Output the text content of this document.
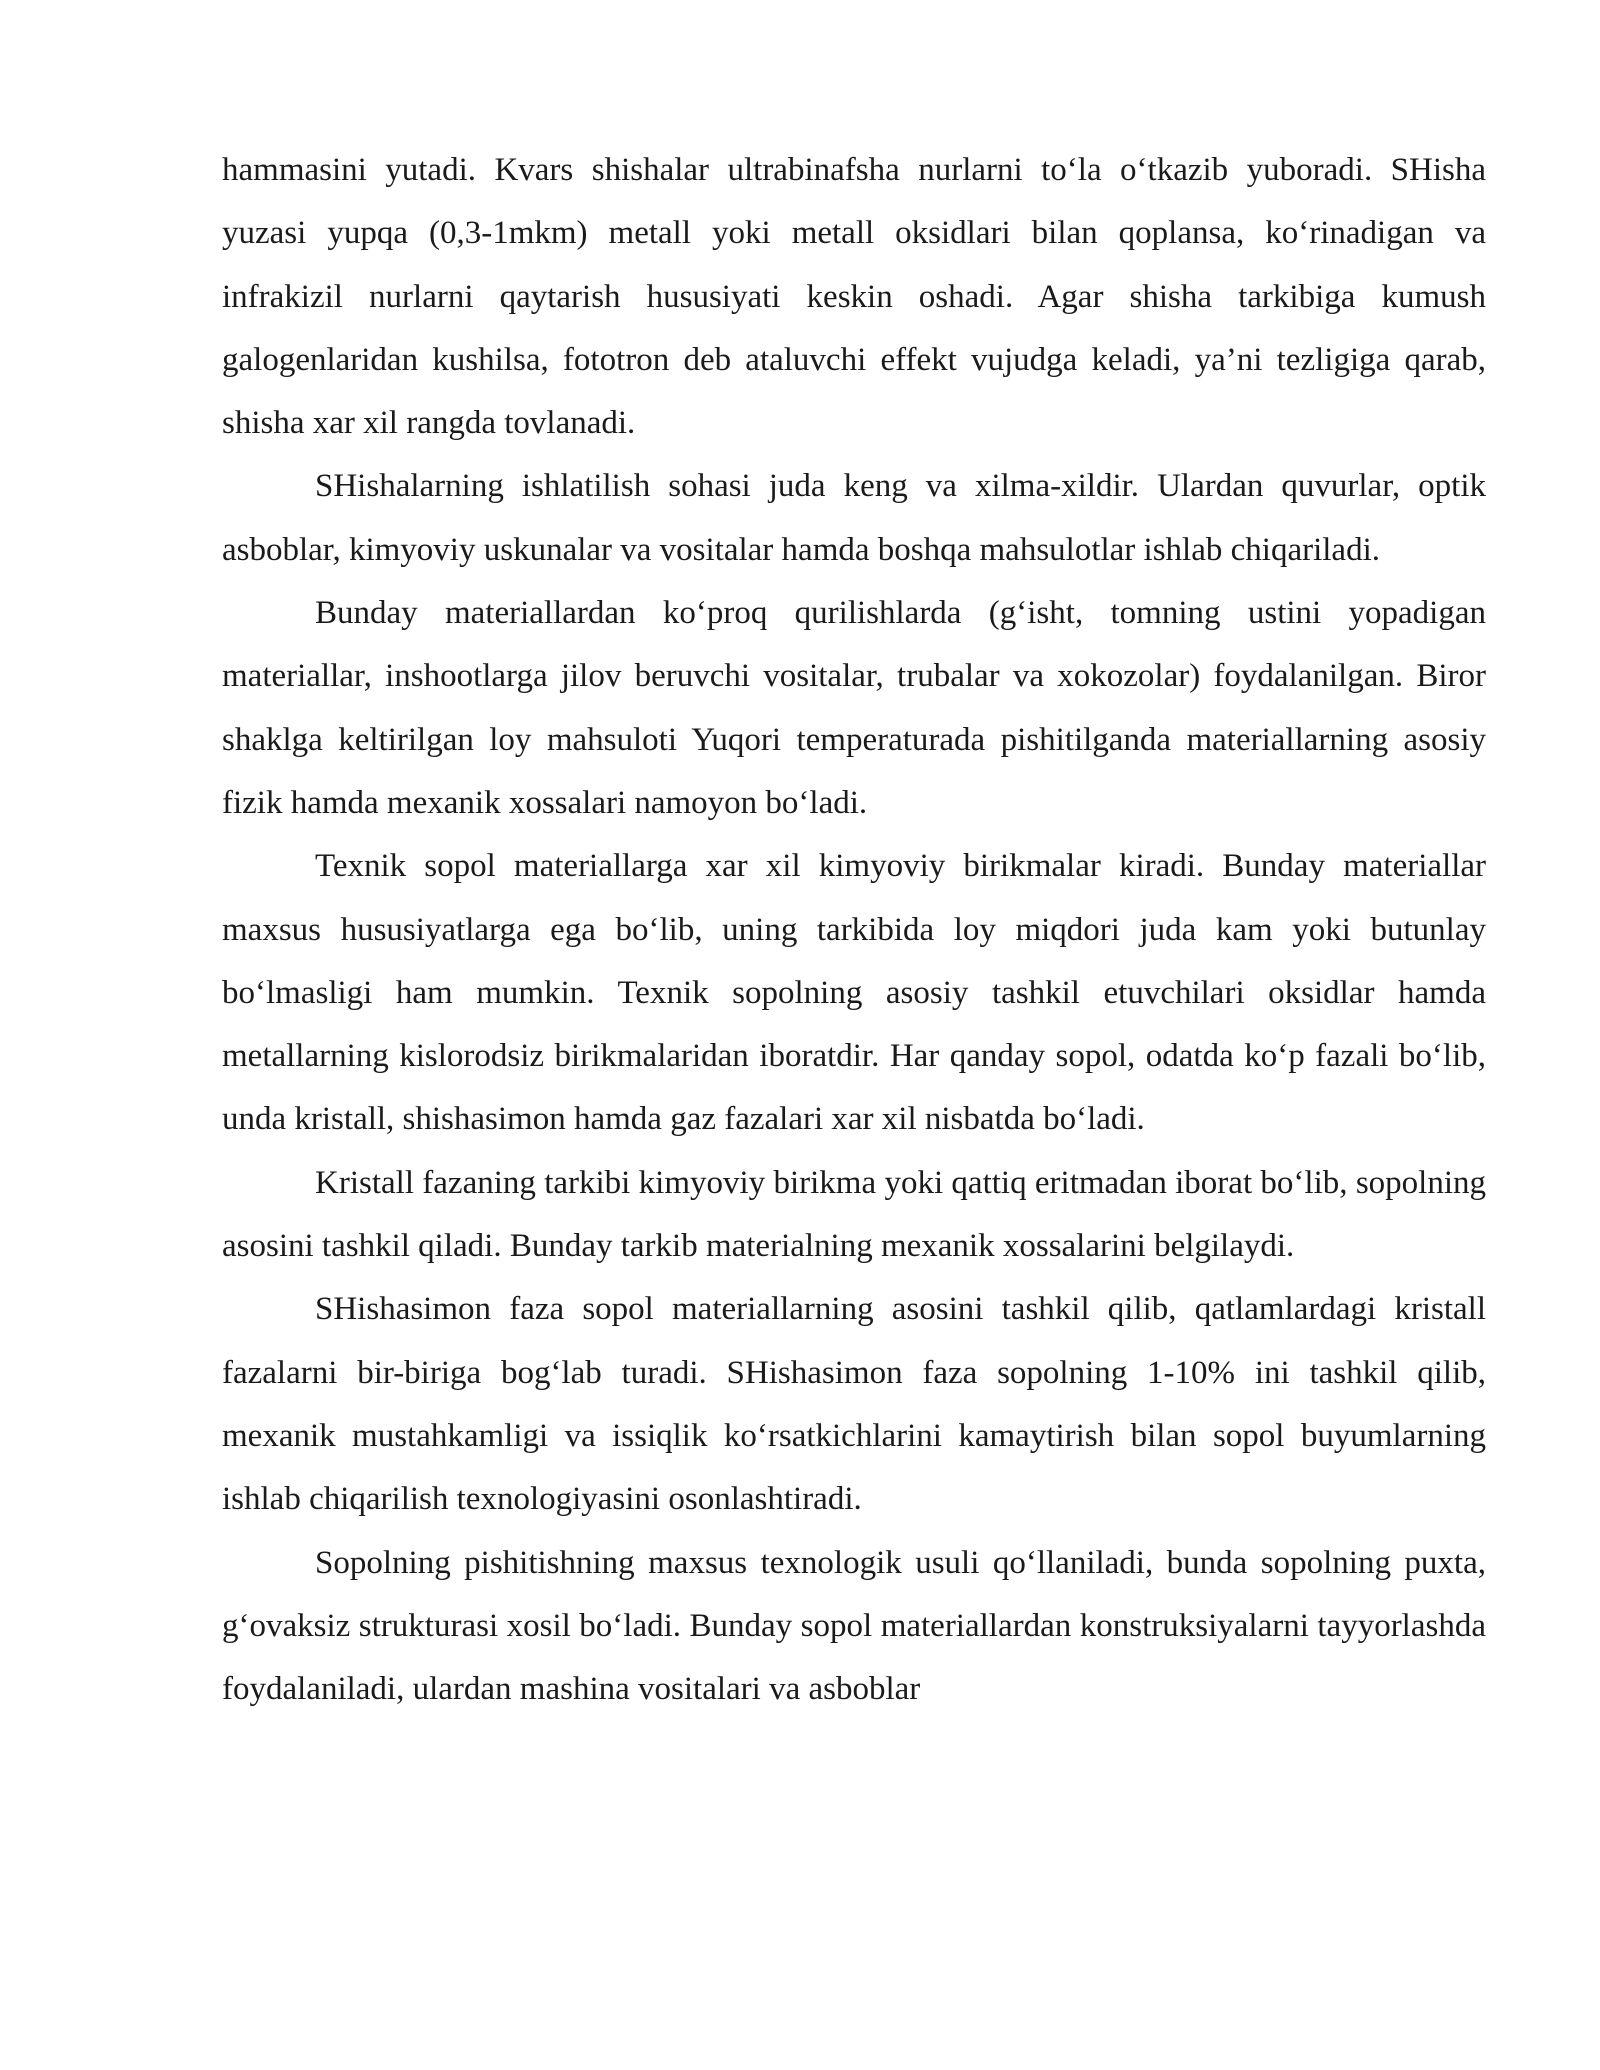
hammasini yutadi. Kvars shishalar ultrabinafsha nurlarni to‘la o‘tkazib yuboradi. SHisha yuzasi yupqa (0,3-1mkm) metall yoki metall oksidlari bilan qoplansa, ko‘rinadigan va infrakizil nurlarni qaytarish hususiyati keskin oshadi. Agar shisha tarkibiga kumush galogenlaridan kushilsa, fototron deb ataluvchi effekt vujudga keladi, ya’ni tezligiga qarab, shisha xar xil rangda tovlanadi.

SHishalarning ishlatilish sohasi juda keng va xilma-xildir. Ulardan quvurlar, optik asboblar, kimyoviy uskunalar va vositalar hamda boshqa mahsulotlar ishlab chiqariladi.

Bunday materiallardan ko‘proq qurilishlarda (g‘isht, tomning ustini yopadigan materiallar, inshootlarga jilov beruvchi vositalar, trubalar va xokozolar) foydalanilgan. Biror shaklga keltirilgan loy mahsuloti Yuqori temperaturada pishitilganda materiallarning asosiy fizik hamda mexanik xossalari namoyon bo‘ladi.

Texnik sopol materiallarga xar xil kimyoviy birikmalar kiradi. Bunday materiallar maxsus hususiyatlarga ega bo‘lib, uning tarkibida loy miqdori juda kam yoki butunlay bo‘lmasligi ham mumkin. Texnik sopolning asosiy tashkil etuvchilari oksidlar hamda metallarning kislorodsiz birikmalaridan iboratdir. Har qanday sopol, odatda ko‘p fazali bo‘lib, unda kristall, shishasimon hamda gaz fazalari xar xil nisbatda bo‘ladi.

Kristall fazaning tarkibi kimyoviy birikma yoki qattiq eritmadan iborat bo‘lib, sopolning asosini tashkil qiladi. Bunday tarkib materialning mexanik xossalarini belgilaydi.

SHishasimon faza sopol materiallarning asosini tashkil qilib, qatlamlardagi kristall fazalarni bir-biriga bog‘lab turadi. SHishasimon faza sopolning 1-10% ini tashkil qilib, mexanik mustahkamligi va issiqlik ko‘rsatkichlarini kamaytirish bilan sopol buyumlarning ishlab chiqarilish texnologiyasini osonlashtiradi.

Sopolning pishitishning maxsus texnologik usuli qo‘llaniladi, bunda sopolning puxta, g‘ovaksiz strukturasi xosil bo‘ladi. Bunday sopol materiallardan konstruksiyalarni tayyorlashda foydalaniladi, ulardan mashina vositalari va asboblar
